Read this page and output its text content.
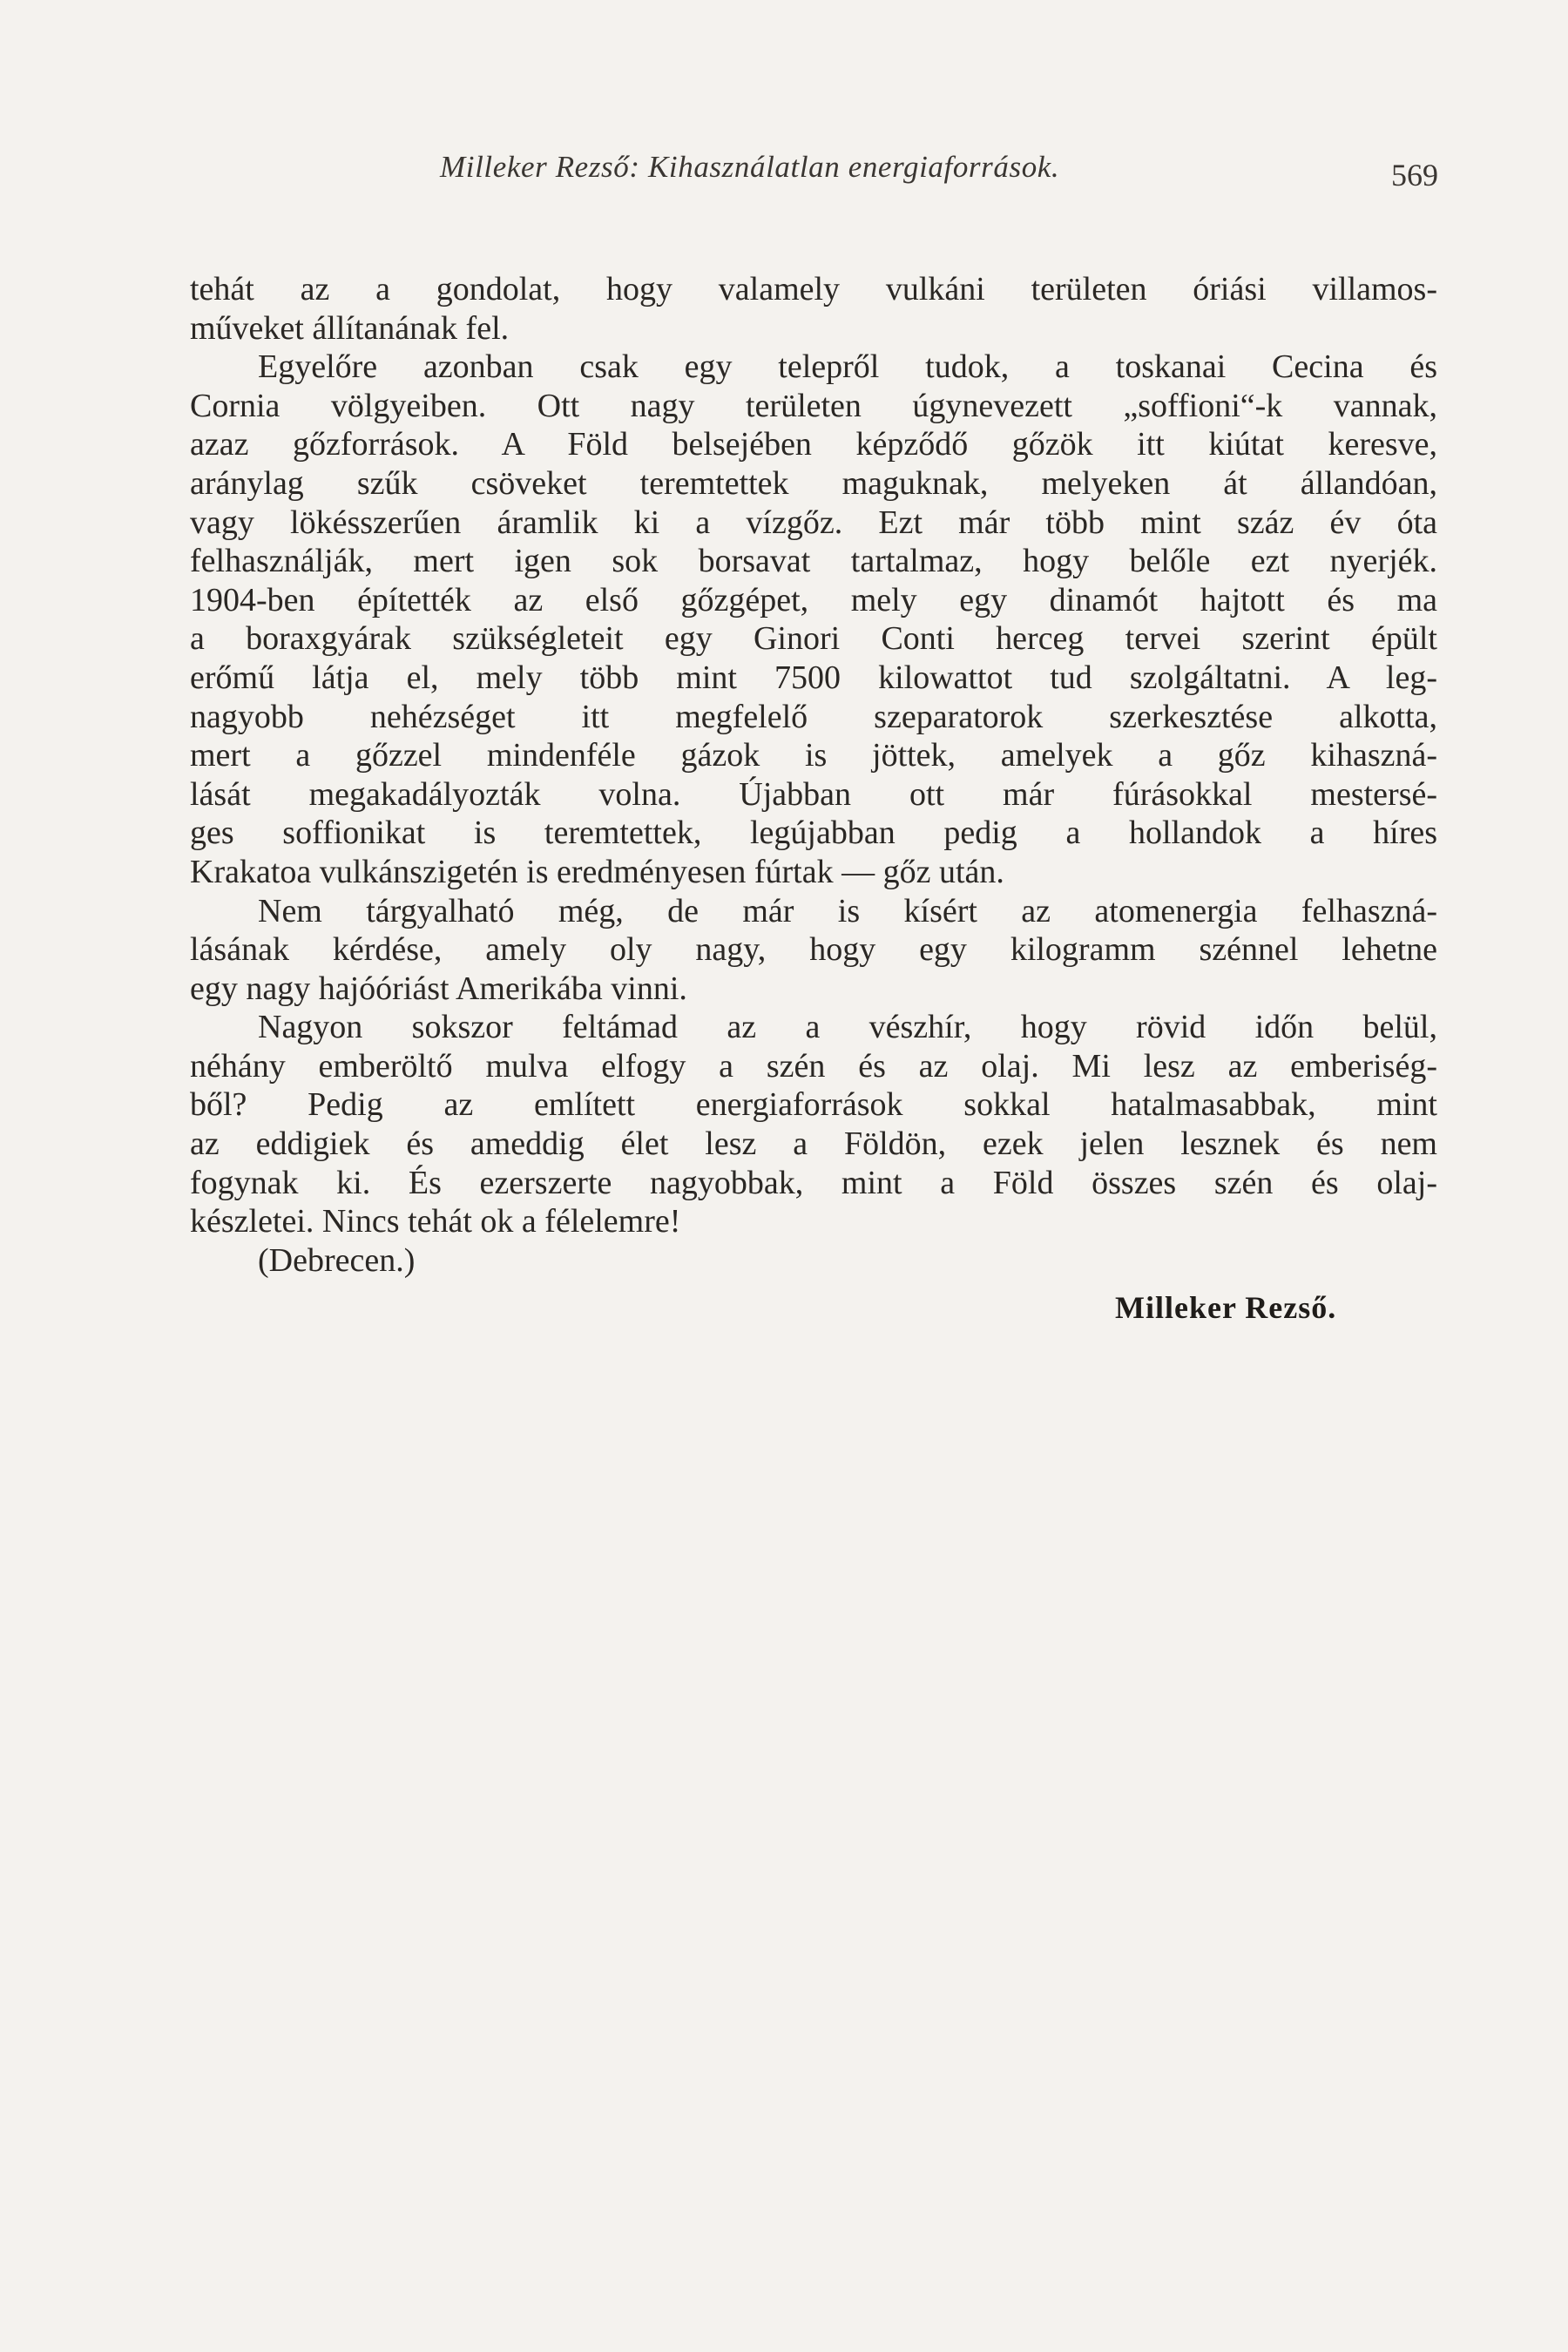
Milleker Rezső: Kihasználatlan energiaforrások.	569
tehát az a gondolat, hogy valamely vulkáni területen óriási villamos-
műveket állítanának fel.
Egyelőre azonban csak egy telepről tudok, a toskanai Cecina és
Cornia völgyeiben. Ott nagy területen úgynevezett „soffioni“-k vannak,
azaz gőzforrások. A Föld belsejében képződő gőzök itt kiútat keresve,
aránylag szűk csöveket teremtettek maguknak, melyeken át állandóan,
vagy lökésszerűen áramlik ki a vízgőz. Ezt már több mint száz év óta
felhasználják, mert igen sok borsavat tartalmaz, hogy belőle ezt nyerjék.
1904-ben építették az első gőzgépet, mely egy dinamót hajtott és ma
a boraxgyárak szükségleteit egy Ginori Conti herceg tervei szerint épült
erőmű látja el, mely több mint 7500 kilowattot tud szolgáltatni. A leg-
nagyobb nehézséget itt megfelelő szeparatorok szerkesztése alkotta,
mert a gőzzel mindenféle gázok is jöttek, amelyek a gőz kihaszná-
lását megakadályozták volna. Újabban ott már fúrásokkal mestersé-
ges soffionikat is teremtettek, legújabban pedig a hollandok a híres
Krakatoa vulkánszigetén is eredményesen fúrtak — gőz után.
Nem tárgyalható még, de már is kísért az atomenergia felhaszná-
lásának kérdése, amely oly nagy, hogy egy kilogramm szénnel lehetne
egy nagy hajóóriást Amerikába vinni.
Nagyon sokszor feltámad az a vészhír, hogy rövid időn belül,
néhány emberöltő mulva elfogy a szén és az olaj. Mi lesz az emberiség-
ből? Pedig az említett energiaforrások sokkal hatalmasabbak, mint
az eddigiek és ameddig élet lesz a Földön, ezek jelen lesznek és nem
fogynak ki. És ezerszerte nagyobbak, mint a Föld összes szén és olaj-
készletei. Nincs tehát ok a félelemre!
(Debrecen.)
Milleker Rezső.
